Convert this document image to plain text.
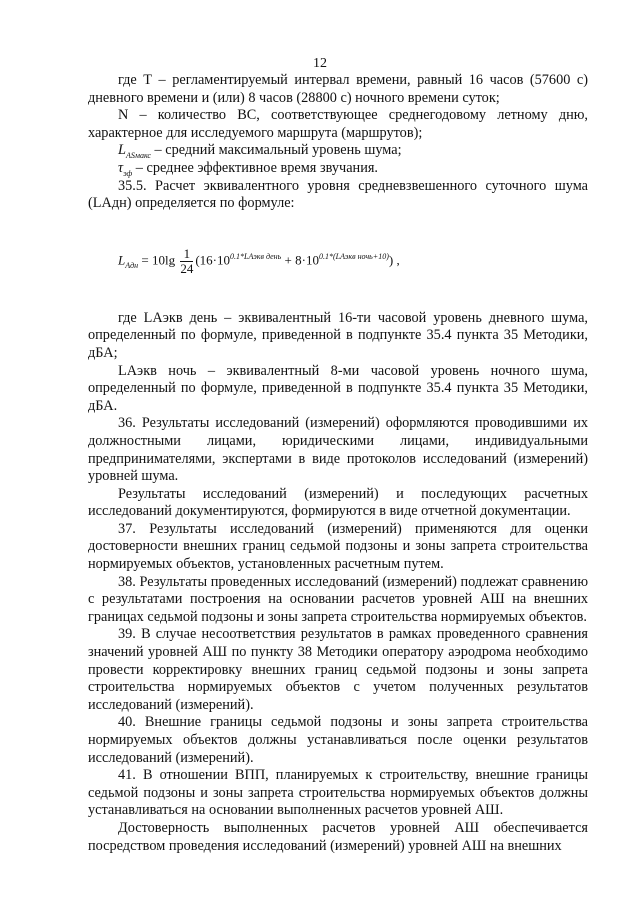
12

где Т – регламентируемый интервал времени, равный 16 часов (57600 с) дневного времени и (или) 8 часов (28800 с) ночного времени суток;

N – количество ВС, соответствующее среднегодовому летному дню, характерное для исследуемого маршрута (маршрутов);

$L_{ASмакс}$ – средний максимальный уровень шума;

$\tau_{эф}$ – среднее эффективное время звучания.

35.5. Расчет эквивалентного уровня средневзвешенного суточного шума (LАдн) определяется по формуле:

$L_{Адн} = 10\lg \frac{1}{24} (16\cdot 10^{0.1*LАэкв день} + 8\cdot 10^{0.1*(LАэкв ночь+10)})$ ,

где LАэкв день – эквивалентный 16-ти часовой уровень дневного шума, определенный по формуле, приведенной в подпункте 35.4 пункта 35 Методики, дБА;

LАэкв ночь – эквивалентный 8-ми часовой уровень ночного шума, определенный по формуле, приведенной в подпункте 35.4 пункта 35 Методики, дБА.

36. Результаты исследований (измерений) оформляются проводившими их должностными лицами, юридическими лицами, индивидуальными предпринимателями, экспертами в виде протоколов исследований (измерений) уровней шума.

Результаты исследований (измерений) и последующих расчетных исследований документируются, формируются в виде отчетной документации.

37. Результаты исследований (измерений) применяются для оценки достоверности внешних границ седьмой подзоны и зоны запрета строительства нормируемых объектов, установленных расчетным путем.

38. Результаты проведенных исследований (измерений) подлежат сравнению с результатами построения на основании расчетов уровней АШ на внешних границах седьмой подзоны и зоны запрета строительства нормируемых объектов.

39. В случае несоответствия результатов в рамках проведенного сравнения значений уровней АШ по пункту 38 Методики оператору аэродрома необходимо провести корректировку внешних границ седьмой подзоны и зоны запрета строительства нормируемых объектов с учетом полученных результатов исследований (измерений).

40. Внешние границы седьмой подзоны и зоны запрета строительства нормируемых объектов должны устанавливаться после оценки результатов исследований (измерений).

41. В отношении ВПП, планируемых к строительству, внешние границы седьмой подзоны и зоны запрета строительства нормируемых объектов должны устанавливаться на основании выполненных расчетов уровней АШ.

Достоверность выполненных расчетов уровней АШ обеспечивается посредством проведения исследований (измерений) уровней АШ на внешних
